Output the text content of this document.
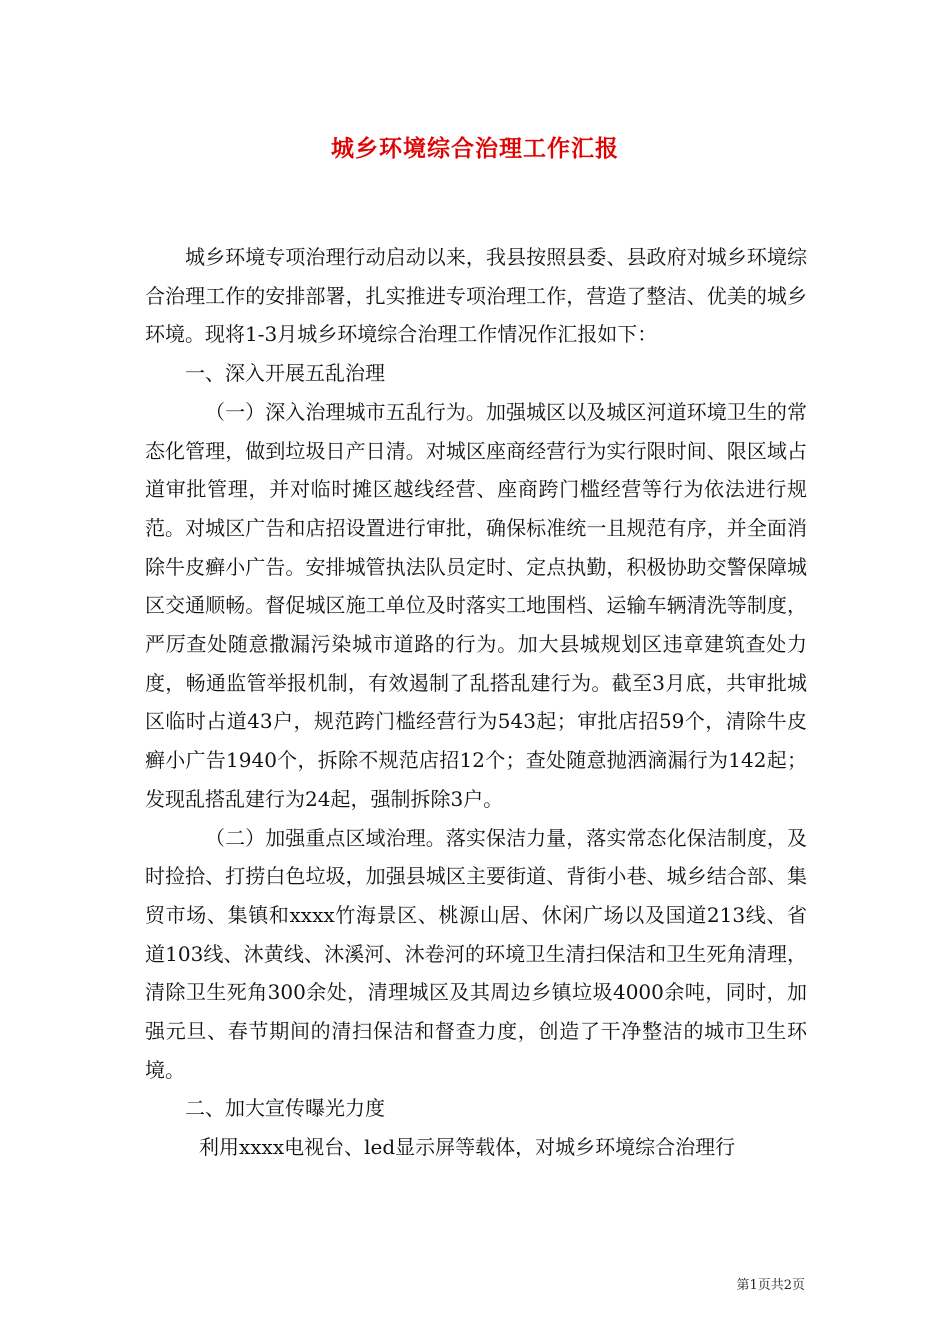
城乡环境综合治理工作汇报

城乡环境专项治理行动启动以来，我县按照县委、县政府对城乡环境综合治理工作的安排部署，扎实推进专项治理工作，营造了整洁、优美的城乡环境。现将1-3月城乡环境综合治理工作情况作汇报如下：

一、深入开展五乱治理

（一）深入治理城市五乱行为。加强城区以及城区河道环境卫生的常态化管理，做到垃圾日产日清。对城区座商经营行为实行限时间、限区域占道审批管理，并对临时摊区越线经营、座商跨门槛经营等行为依法进行规范。对城区广告和店招设置进行审批，确保标准统一且规范有序，并全面消除牛皮癣小广告。安排城管执法队员定时、定点执勤，积极协助交警保障城区交通顺畅。督促城区施工单位及时落实工地围档、运输车辆清洗等制度，严厉查处随意撒漏污染城市道路的行为。加大县城规划区违章建筑查处力度，畅通监管举报机制，有效遏制了乱搭乱建行为。截至3月底，共审批城区临时占道43户，规范跨门槛经营行为543起；审批店招59个，清除牛皮癣小广告1940个，拆除不规范店招12个；查处随意抛洒滴漏行为142起；发现乱搭乱建行为24起，强制拆除3户。

（二）加强重点区域治理。落实保洁力量，落实常态化保洁制度，及时捡拾、打捞白色垃圾，加强县城区主要街道、背街小巷、城乡结合部、集贸市场、集镇和xxxx竹海景区、桃源山居、休闲广场以及国道213线、省道103线、沐黄线、沐溪河、沐卷河的环境卫生清扫保洁和卫生死角清理，清除卫生死角300余处，清理城区及其周边乡镇垃圾4000余吨，同时，加强元旦、春节期间的清扫保洁和督查力度，创造了干净整洁的城市卫生环境。

二、加大宣传曝光力度

利用xxxx电视台、led显示屏等载体，对城乡环境综合治理行

第1页共2页
